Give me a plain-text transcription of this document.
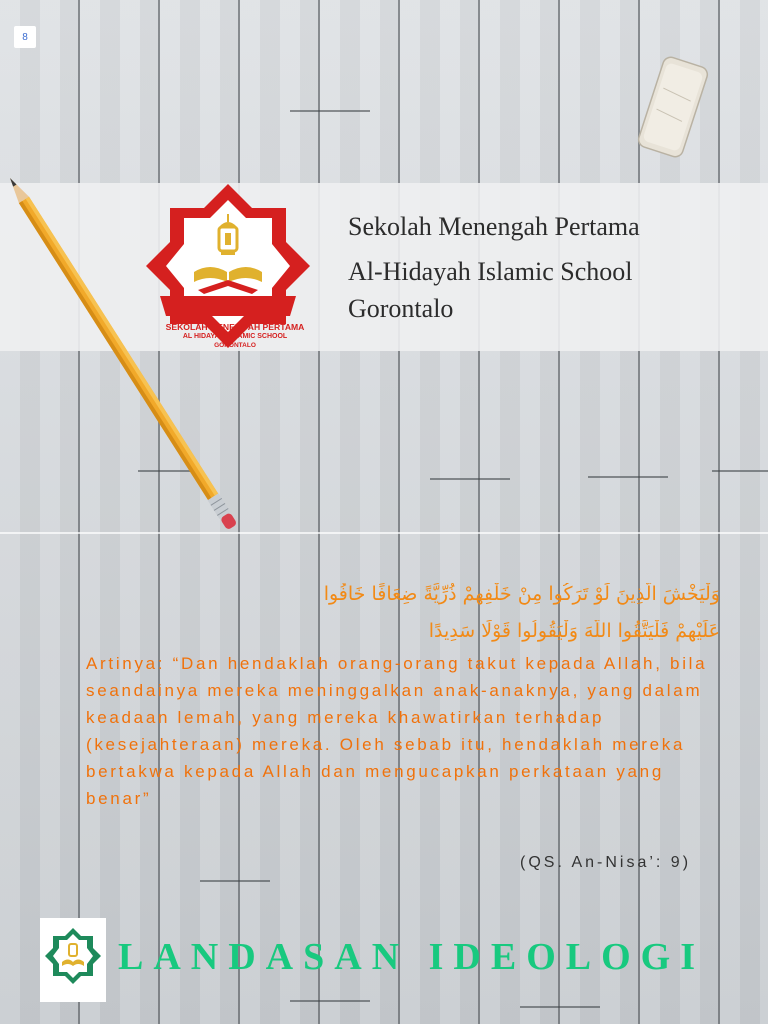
8
SEKOLAH MENENGAH PERTAMA
AL HIDAYAH ISLAMIC SCHOOL
GORONTALO
Sekolah Menengah Pertama
Al-Hidayah Islamic School
Gorontalo
وَلْيَخْشَ الَّذِينَ لَوْ تَرَكُوا مِنْ خَلْفِهِمْ ذُرِّيَّةً ضِعَافًا خَافُوا
عَلَيْهِمْ فَلْيَتَّقُوا اللَّهَ وَلْيَقُولُوا قَوْلًا سَدِيدًا

Artinya: “Dan hendaklah orang-orang takut kepada Allah, bila seandainya mereka meninggalkan anak-anaknya, yang dalam keadaan lemah, yang mereka khawatirkan terhadap (kesejahteraan) mereka. Oleh sebab itu, hendaklah mereka bertakwa kepada Allah dan mengucapkan perkataan yang benar”

(QS. An-Nisa’: 9)
LANDASAN IDEOLOGI
